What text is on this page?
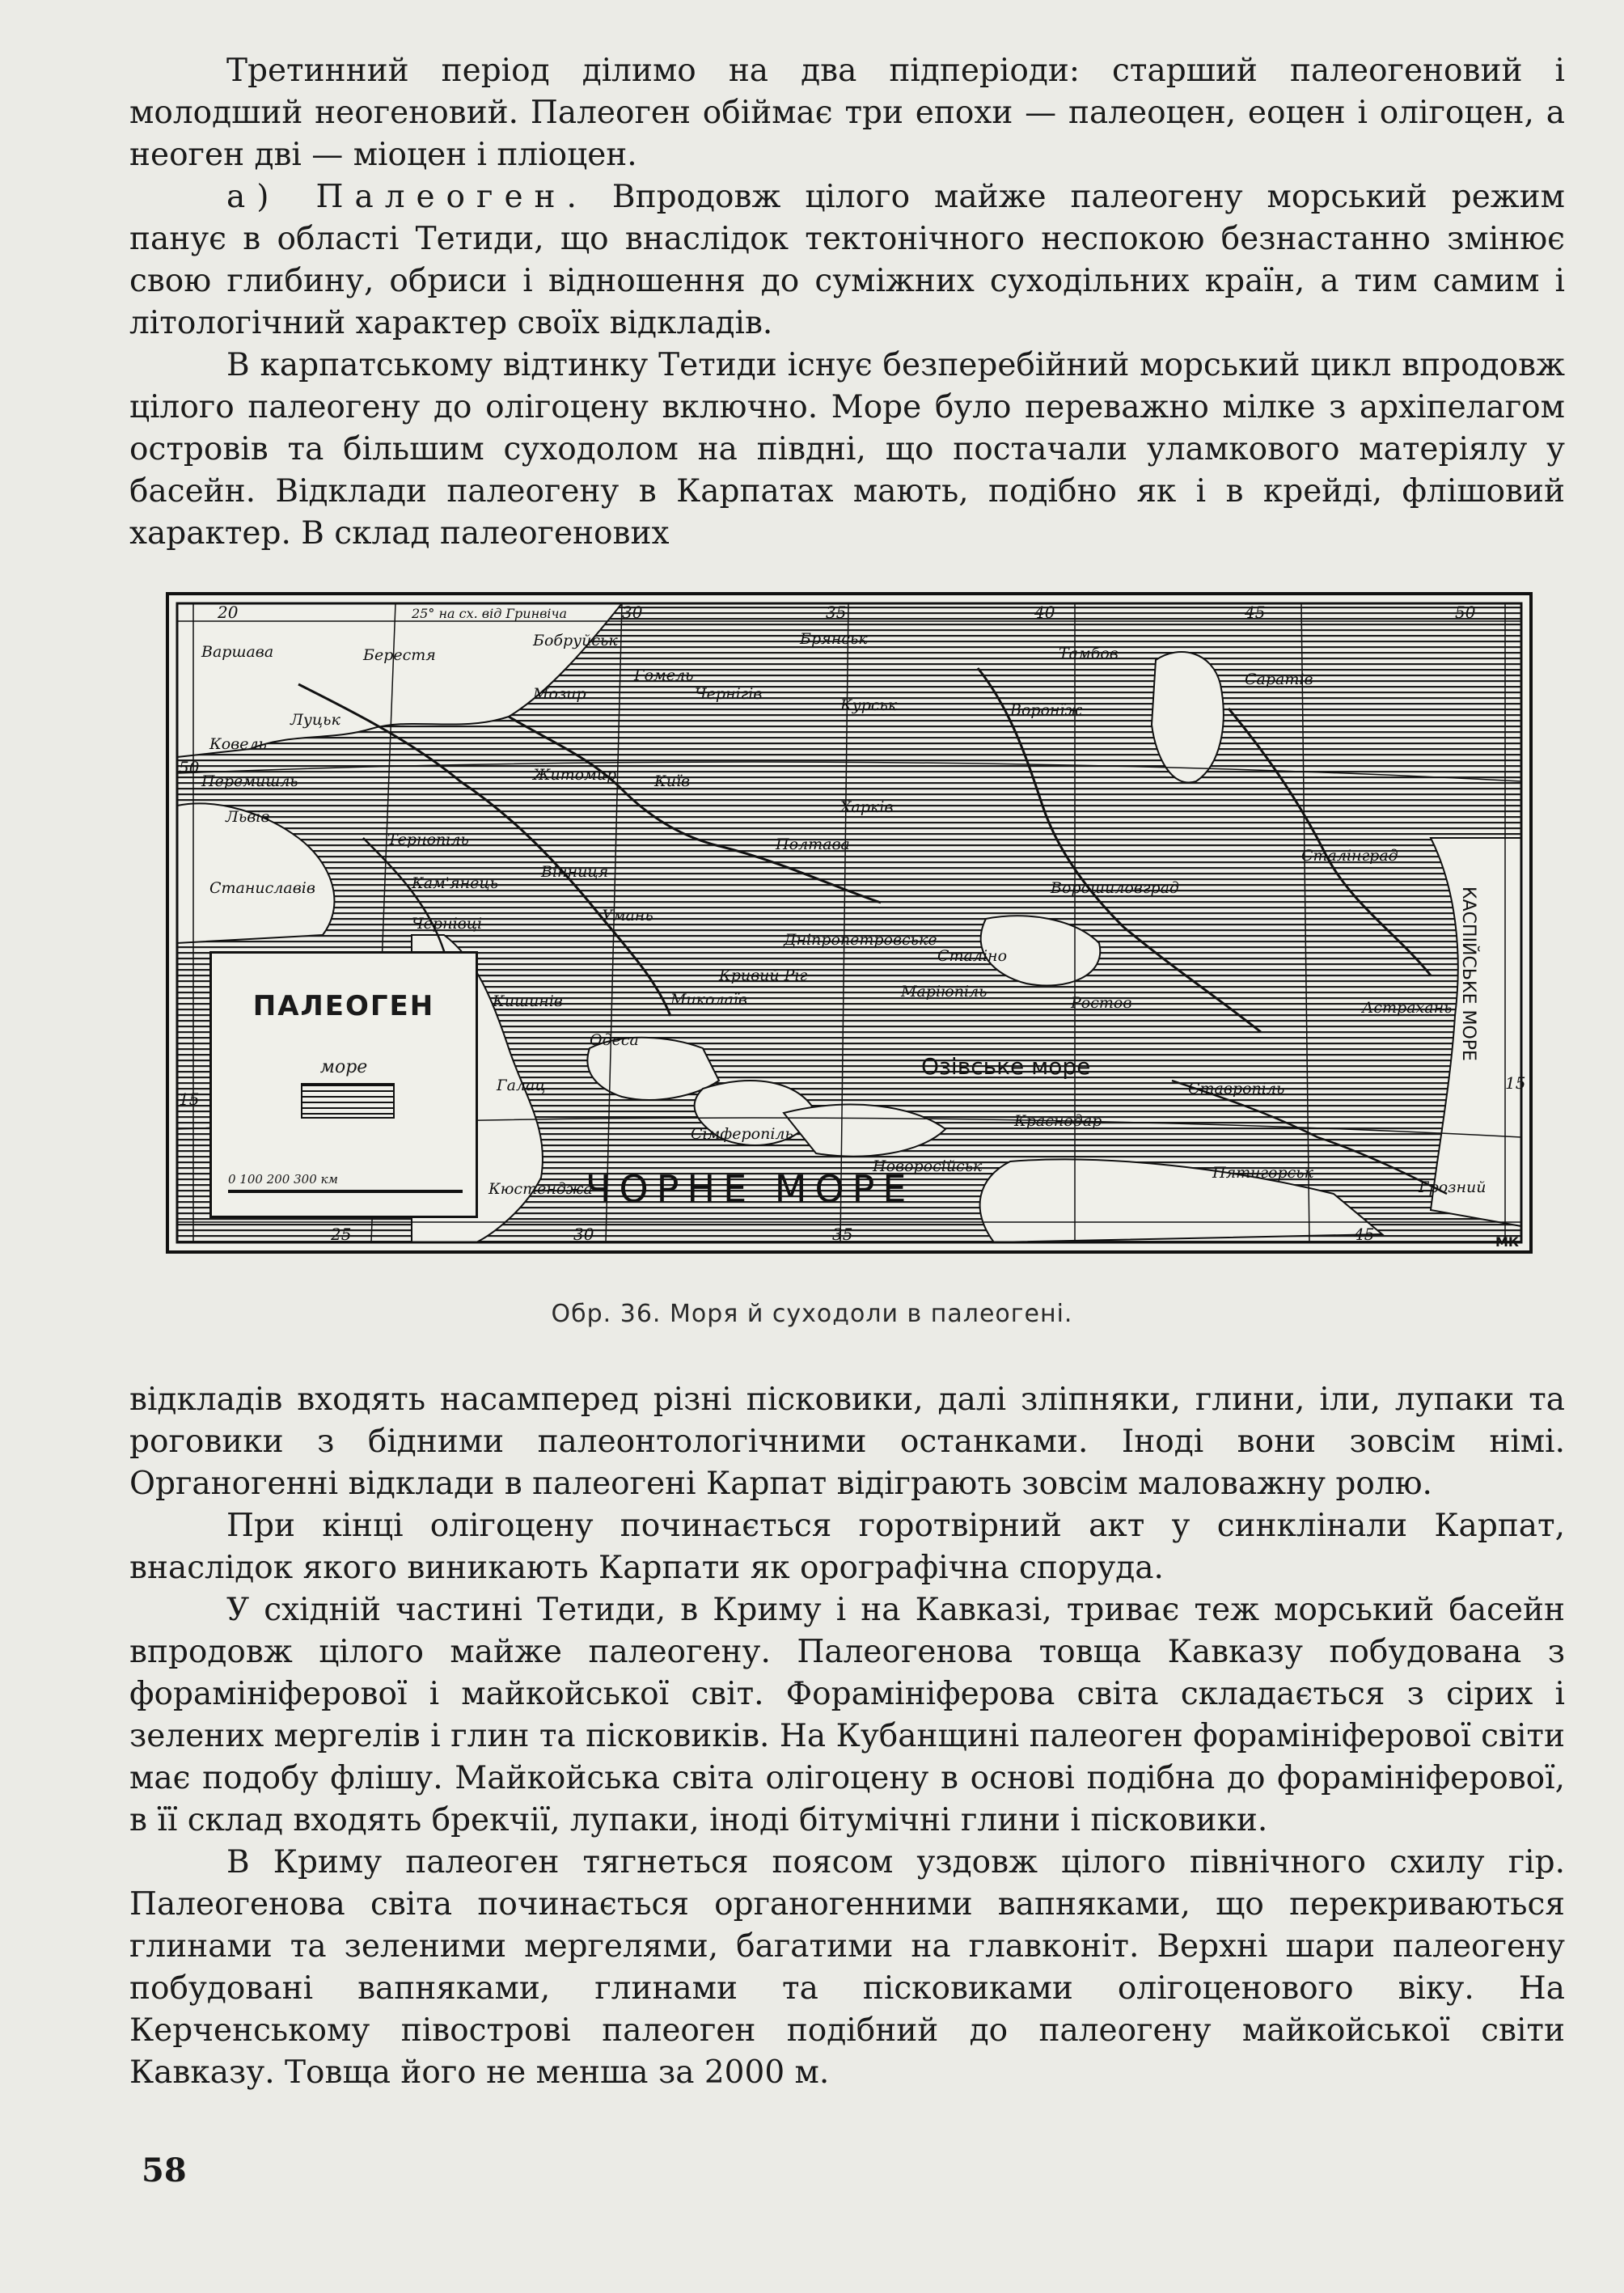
Третинний період ділимо на два підперіоди: старший палеогеновий і молодший неогеновий. Палеоген обіймає три епохи — палеоцен, еоцен і олігоцен, а неоген дві — міоцен і пліоцен.

а) Палеоген. Впродовж цілого майже палеогену морський режим панує в області Тетиди, що внаслідок тектонічного неспокою безнастанно змінює свою глибину, обриси і відношення до суміжних суходільних країн, а тим самим і літологічний характер своїх відкладів.

В карпатському відтинку Тетиди існує безперебійний морський цикл впродовж цілого палеогену до олігоцену включно. Море було переважно мілке з архіпелагом островів та більшим суходолом на півдні, що постачали уламкового матеріялу у басейн. Відклади палеогену в Карпатах мають, подібно як і в крейді, флішовий характер. В склад палеогенових

20	30	35	40	45	50
25° на сх. від Гринвіча
25	30	35	45
50
15
15
Варшава	Берестя
Бобруйськ	Брянськ
Тамбов
Саратів
Гомель
Мозир	Чернігів
Курськ	Воронїж
Ковель
Луцьк
Житомир Київ
Харків
Перемишль
Львів
Тернопіль	Полтава
Сталінград
Станиславів	Кам'янець
Вінниця
Ворошиловград
Чернівці	Умань
Дніпропетровське
Сталіно
Кривий Ріг
Кишинів	Миколаїв	Маріюпіль
Ростов	Астрахань
Одеса
Галац
Сімферопіль
Краснодар
Ставропіль
Новоросійськ	Пятигорськ
Кюстенджа	Грозний
Озівське море
ЧОРНЕ МОРЕ
КАСПІЙСЬКЕ МОРЕ
МК
ПАЛЕОГЕН
море
0 100 200 300 км
Обр. 36. Моря й суходоли в палеогені.

відкладів входять насамперед різні пісковики, далі зліпняки, глини, іли, лупаки та роговики з бідними палеонтологічними останками. Іноді вони зовсім німі. Органогенні відклади в палеогені Карпат відіграють зовсім маловажну ролю.

При кінці олігоцену починається горотвірний акт у синклінали Карпат, внаслідок якого виникають Карпати як орографічна споруда.

У східній частині Тетиди, в Криму і на Кавказі, триває теж морський басейн впродовж цілого майже палеогену. Палеогенова товща Кавказу побудована з форамініферової і майкойської світ. Форамініферова світа складається з сірих і зелених мергелів і глин та пісковиків. На Кубанщині палеоген форамініферової світи має подобу флішу. Майкойська світа олігоцену в основі подібна до форамініферової, в її склад входять брекчії, лупаки, іноді бітумічні глини і пісковики.

В Криму палеоген тягнеться поясом уздовж цілого північного схилу гір. Палеогенова світа починається органогенними вапняками, що перекриваються глинами та зеленими мергелями, багатими на главконіт. Верхні шари палеогену побудовані вапняками, глинами та пісковиками олігоценового віку. На Керченському півострові палеоген подібний до палеогену майкойської світи Кавказу. Товща його не менша за 2000 м.

58
